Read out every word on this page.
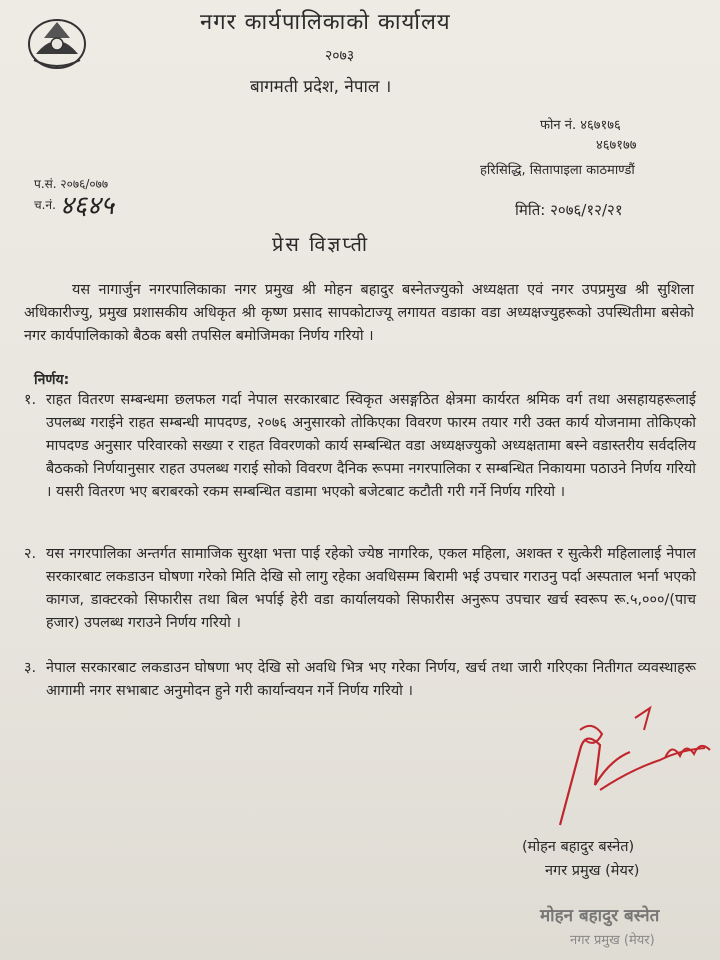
नगर कार्यपालिकाको कार्यालय
२०७३
बागमती प्रदेश, नेपाल ।
फोन नं. ४६७१७६
४६७१७७
हरिसिद्धि, सितापाइला काठमाण्डौं
प.सं. २०७६/०७७
च.नं. ४६४५	मिति: २०७६/१२/२१
प्रेस विज्ञप्ती
यस नागार्जुन नगरपालिकाका नगर प्रमुख श्री मोहन बहादुर बस्नेतज्युको अध्यक्षता एवं नगर उपप्रमुख श्री सुशिला अधिकारीज्यु, प्रमुख प्रशासकीय अधिकृत श्री कृष्ण प्रसाद सापकोटाज्यू लगायत वडाका वडा अध्यक्षज्युहरूको उपस्थितीमा बसेको नगर कार्यपालिकाको बैठक बसी तपसिल बमोजिमका निर्णय गरियो ।
निर्णय:
१. राहत वितरण सम्बन्धमा छलफल गर्दा नेपाल सरकारबाट स्विकृत असङ्गठित क्षेत्रमा कार्यरत श्रमिक वर्ग तथा असहायहरूलाई उपलब्ध गराईने राहत सम्बन्धी मापदण्ड, २०७६ अनुसारको तोकिएका विवरण फारम तयार गरी उक्त कार्य योजनामा तोकिएको मापदण्ड अनुसार परिवारको सख्या र राहत विवरणको कार्य सम्बन्धित वडा अध्यक्षज्युको अध्यक्षतामा बस्ने वडास्तरीय सर्वदलिय बैठकको निर्णयानुसार राहत उपलब्ध गराई सोको विवरण दैनिक रूपमा नगरपालिका र सम्बन्धित निकायमा पठाउने निर्णय गरियो । यसरी वितरण भए बराबरको रकम सम्बन्धित वडामा भएको बजेटबाट कटौती गरी गर्ने निर्णय गरियो ।
२. यस नगरपालिका अन्तर्गत सामाजिक सुरक्षा भत्ता पाई रहेको ज्येष्ठ नागरिक, एकल महिला, अशक्त र सुत्केरी महिलालाई नेपाल सरकारबाट लकडाउन घोषणा गरेको मिति देखि सो लागु रहेका अवधिसम्म बिरामी भई उपचार गराउनु पर्दा अस्पताल भर्ना भएको कागज, डाक्टरको सिफारीस तथा बिल भर्पाई हेरी वडा कार्यालयको सिफारीस अनुरूप उपचार खर्च स्वरूप रू.५,०००/(पाच हजार) उपलब्ध गराउने निर्णय गरियो ।
३. नेपाल सरकारबाट लकडाउन घोषणा भए देखि सो अवधि भित्र भए गरेका निर्णय, खर्च तथा जारी गरिएका नितीगत व्यवस्थाहरू आगामी नगर सभाबाट अनुमोदन हुने गरी कार्यान्वयन गर्ने निर्णय गरियो ।
(मोहन बहादुर बस्नेत)
नगर प्रमुख (मेयर)
मोहन बहादुर बस्नेत
नगर प्रमुख (मेयर)
